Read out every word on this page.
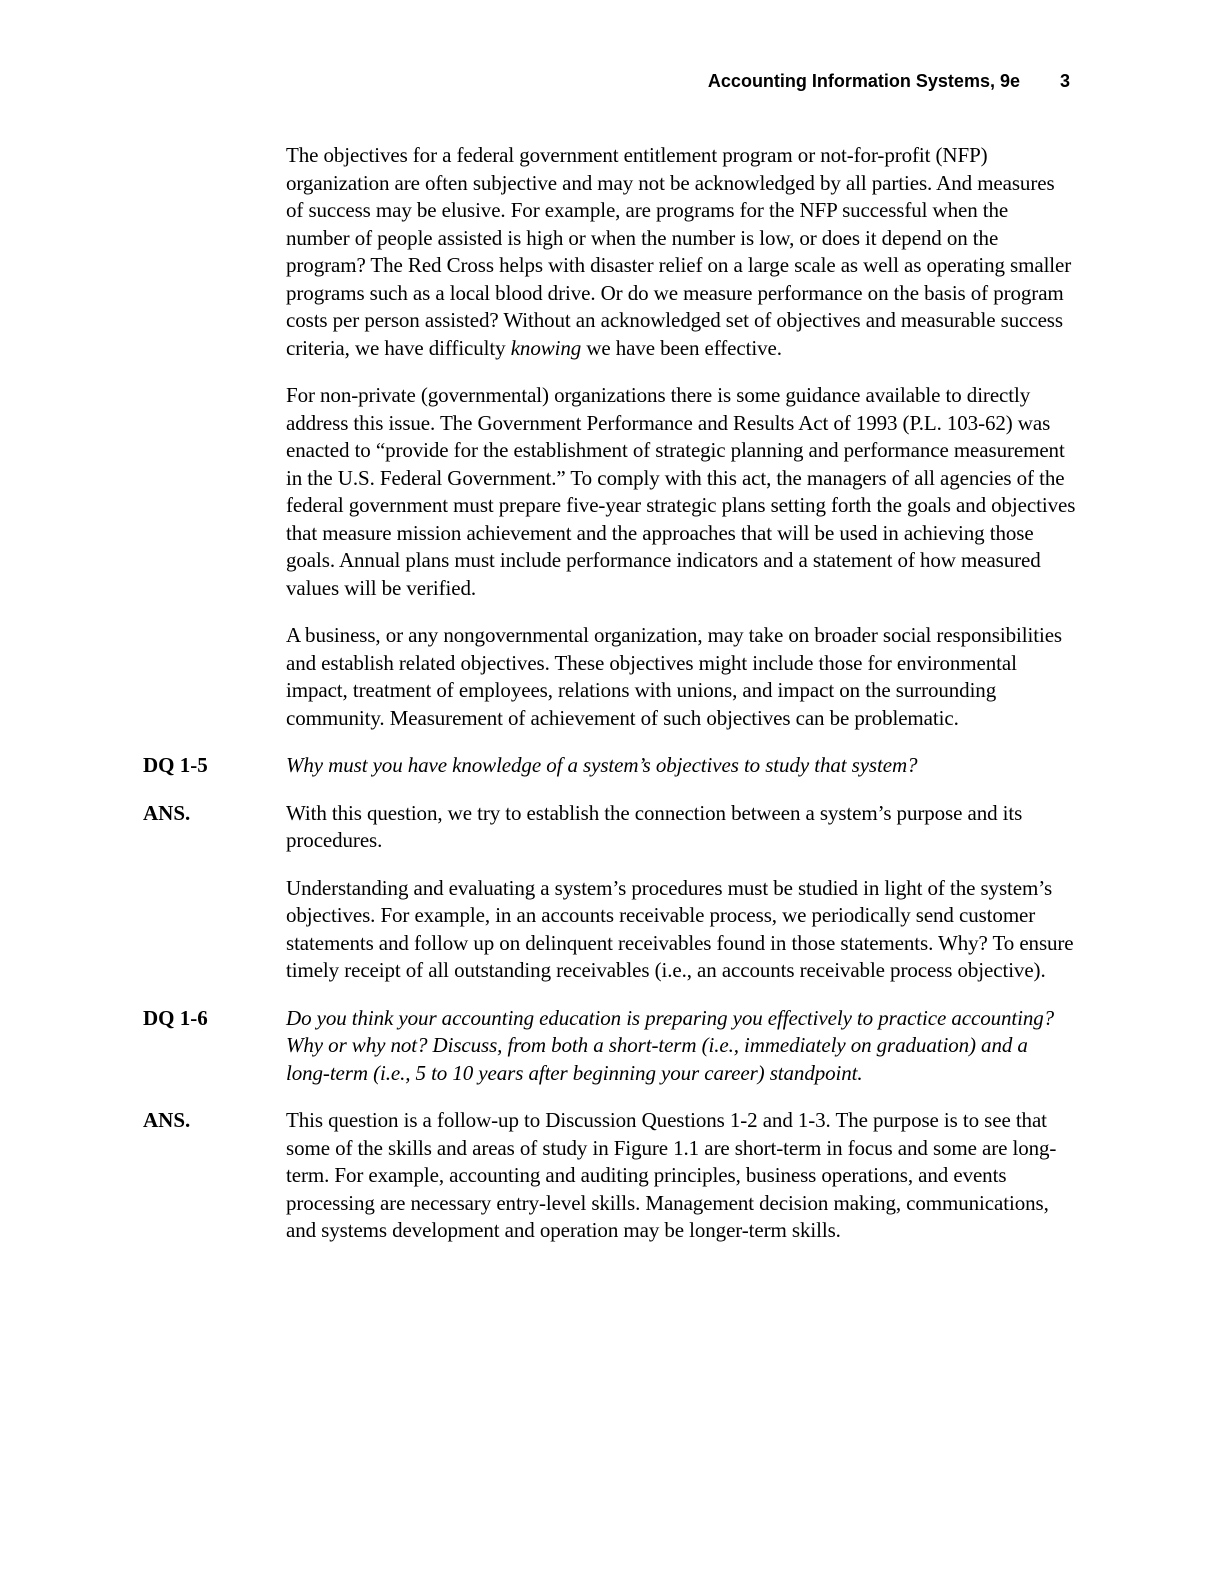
Accounting Information Systems, 9e 3

The objectives for a federal government entitlement program or not-for-profit (NFP) organization are often subjective and may not be acknowledged by all parties. And measures of success may be elusive. For example, are programs for the NFP successful when the number of people assisted is high or when the number is low, or does it depend on the program? The Red Cross helps with disaster relief on a large scale as well as operating smaller programs such as a local blood drive. Or do we measure performance on the basis of program costs per person assisted? Without an acknowledged set of objectives and measurable success criteria, we have difficulty knowing we have been effective.

For non-private (governmental) organizations there is some guidance available to directly address this issue. The Government Performance and Results Act of 1993 (P.L. 103-62) was enacted to “provide for the establishment of strategic planning and performance measurement in the U.S. Federal Government.” To comply with this act, the managers of all agencies of the federal government must prepare five-year strategic plans setting forth the goals and objectives that measure mission achievement and the approaches that will be used in achieving those goals. Annual plans must include performance indicators and a statement of how measured values will be verified.

A business, or any nongovernmental organization, may take on broader social responsibilities and establish related objectives. These objectives might include those for environmental impact, treatment of employees, relations with unions, and impact on the surrounding community. Measurement of achievement of such objectives can be problematic.

DQ 1-5	Why must you have knowledge of a system’s objectives to study that system?

ANS.	With this question, we try to establish the connection between a system’s purpose and its procedures.

Understanding and evaluating a system’s procedures must be studied in light of the system’s objectives. For example, in an accounts receivable process, we periodically send customer statements and follow up on delinquent receivables found in those statements. Why? To ensure timely receipt of all outstanding receivables (i.e., an accounts receivable process objective).

DQ 1-6	Do you think your accounting education is preparing you effectively to practice accounting? Why or why not? Discuss, from both a short-term (i.e., immediately on graduation) and a long-term (i.e., 5 to 10 years after beginning your career) standpoint.

ANS.	This question is a follow-up to Discussion Questions 1-2 and 1-3. The purpose is to see that some of the skills and areas of study in Figure 1.1 are short-term in focus and some are long-term. For example, accounting and auditing principles, business operations, and events processing are necessary entry-level skills. Management decision making, communications, and systems development and operation may be longer-term skills.
